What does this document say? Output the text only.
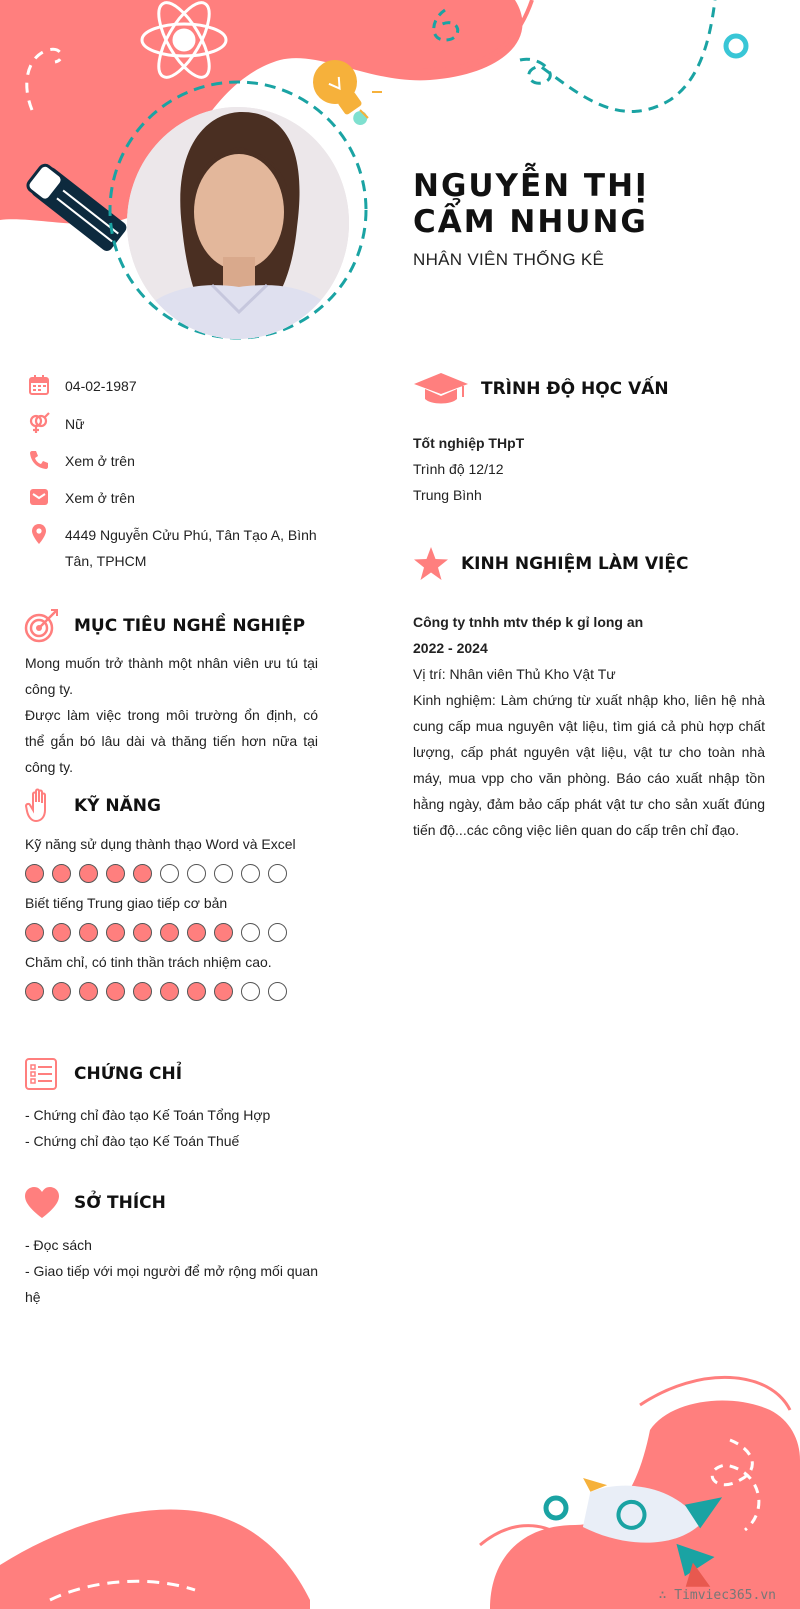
NGUYỄN THỊ
CẨM NHUNG
NHÂN VIÊN THỐNG KÊ
04-02-1987
Nữ
Xem ở trên
Xem ở trên
4449 Nguyễn Cửu Phú, Tân Tạo A, Bình Tân, TPHCM
MỤC TIÊU NGHỀ NGHIỆP
Mong muốn trở thành một nhân viên ưu tú tại công ty.
Được làm việc trong môi trường ổn định, có thể gắn bó lâu dài và thăng tiến hơn nữa tại công ty.
KỸ NĂNG
Kỹ năng sử dụng thành thạo Word và Excel
Biết tiếng Trung giao tiếp cơ bản
Chăm chỉ, có tinh thần trách nhiệm cao.
CHỨNG CHỈ
- Chứng chỉ đào tạo Kế Toán Tổng Hợp
- Chứng chỉ đào tạo Kế Toán Thuế
SỞ THÍCH
- Đọc sách
- Giao tiếp với mọi người để mở rộng mối quan hệ
TRÌNH ĐỘ HỌC VẤN
Tốt nghiệp THpT
Trình độ 12/12
Trung Bình
KINH NGHIỆM LÀM VIỆC
Công ty tnhh mtv thép k gỉ long an
2022 - 2024
Vị trí: Nhân viên Thủ Kho Vật Tư
Kinh nghiệm: Làm chứng từ xuất nhập kho, liên hệ nhà cung cấp mua nguyên vật liệu, tìm giá cả phù hợp chất lượng, cấp phát nguyên vật liệu, vật tư cho toàn nhà máy, mua vpp cho văn phòng. Báo cáo xuất nhập tồn hằng ngày, đảm bảo cấp phát vật tư cho sản xuất đúng tiến độ...các công việc liên quan do cấp trên chỉ đạo.
∴ Timviec365.vn
